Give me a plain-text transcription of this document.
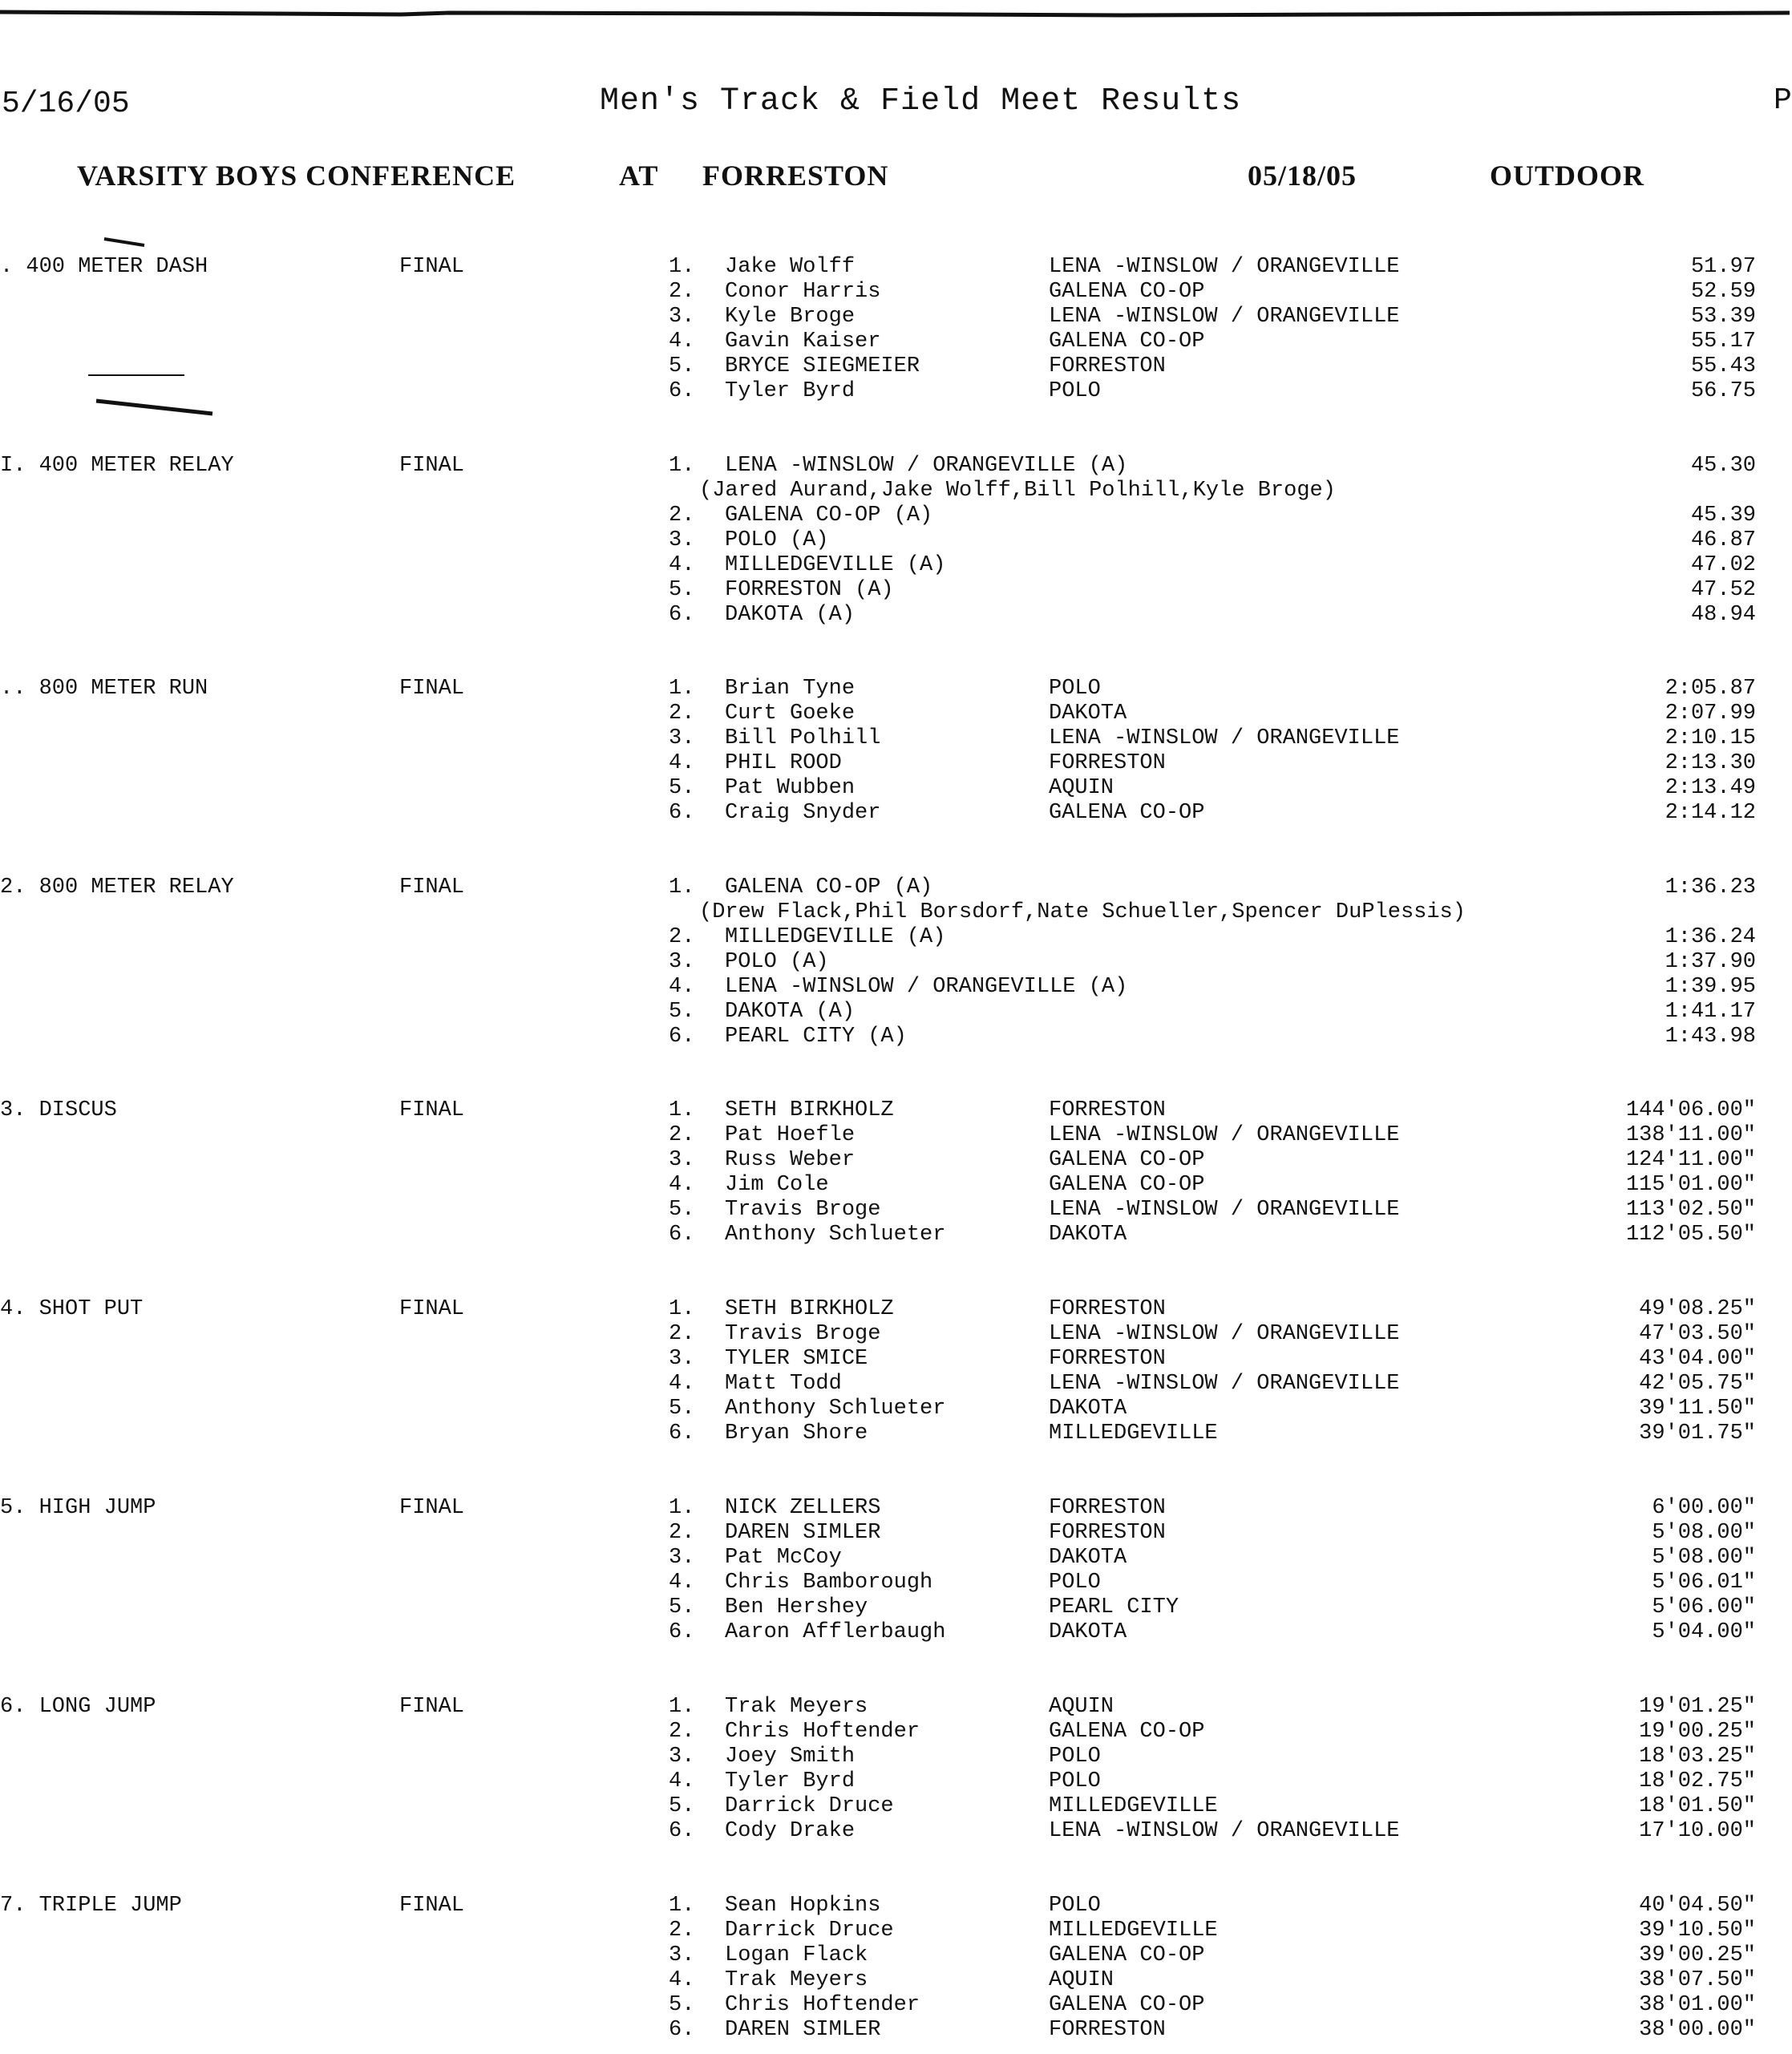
5/16/05	Men's Track & Field Meet Results	P
VARSITY BOYS CONFERENCE	AT FORRESTON	05/18/05	OUTDOOR
. 400 METER DASH	FINAL	1. Jake Wolff	LENA -WINSLOW / ORANGEVILLE	51.97
2. Conor Harris	GALENA CO-OP	52.59
3. Kyle Broge	LENA -WINSLOW / ORANGEVILLE	53.39
4. Gavin Kaiser	GALENA CO-OP	55.17
5. BRYCE SIEGMEIER	FORRESTON	55.43
6. Tyler Byrd	POLO	56.75
I. 400 METER RELAY	FINAL	1. LENA -WINSLOW / ORANGEVILLE (A)	45.30
(Jared Aurand,Jake Wolff,Bill Polhill,Kyle Broge)
2. GALENA CO-OP (A)	45.39
3. POLO (A)	46.87
4. MILLEDGEVILLE (A)	47.02
5. FORRESTON (A)	47.52
6. DAKOTA (A)	48.94
.. 800 METER RUN	FINAL	1. Brian Tyne	POLO	2:05.87
2. Curt Goeke	DAKOTA	2:07.99
3. Bill Polhill	LENA -WINSLOW / ORANGEVILLE	2:10.15
4. PHIL ROOD	FORRESTON	2:13.30
5. Pat Wubben	AQUIN	2:13.49
6. Craig Snyder	GALENA CO-OP	2:14.12
2. 800 METER RELAY	FINAL	1. GALENA CO-OP (A)	1:36.23
(Drew Flack,Phil Borsdorf,Nate Schueller,Spencer DuPlessis)
2. MILLEDGEVILLE (A)	1:36.24
3. POLO (A)	1:37.90
4. LENA -WINSLOW / ORANGEVILLE (A)	1:39.95
5. DAKOTA (A)	1:41.17
6. PEARL CITY (A)	1:43.98
3. DISCUS	FINAL	1. SETH BIRKHOLZ	FORRESTON	144'06.00"
2. Pat Hoefle	LENA -WINSLOW / ORANGEVILLE	138'11.00"
3. Russ Weber	GALENA CO-OP	124'11.00"
4. Jim Cole	GALENA CO-OP	115'01.00"
5. Travis Broge	LENA -WINSLOW / ORANGEVILLE	113'02.50"
6. Anthony Schlueter	DAKOTA	112'05.50"
4. SHOT PUT	FINAL	1. SETH BIRKHOLZ	FORRESTON	49'08.25"
2. Travis Broge	LENA -WINSLOW / ORANGEVILLE	47'03.50"
3. TYLER SMICE	FORRESTON	43'04.00"
4. Matt Todd	LENA -WINSLOW / ORANGEVILLE	42'05.75"
5. Anthony Schlueter	DAKOTA	39'11.50"
6. Bryan Shore	MILLEDGEVILLE	39'01.75"
5. HIGH JUMP	FINAL	1. NICK ZELLERS	FORRESTON	6'00.00"
2. DAREN SIMLER	FORRESTON	5'08.00"
3. Pat McCoy	DAKOTA	5'08.00"
4. Chris Bamborough	POLO	5'06.01"
5. Ben Hershey	PEARL CITY	5'06.00"
6. Aaron Afflerbaugh	DAKOTA	5'04.00"
6. LONG JUMP	FINAL	1. Trak Meyers	AQUIN	19'01.25"
2. Chris Hoftender	GALENA CO-OP	19'00.25"
3. Joey Smith	POLO	18'03.25"
4. Tyler Byrd	POLO	18'02.75"
5. Darrick Druce	MILLEDGEVILLE	18'01.50"
6. Cody Drake	LENA -WINSLOW / ORANGEVILLE	17'10.00"
7. TRIPLE JUMP	FINAL	1. Sean Hopkins	POLO	40'04.50"
2. Darrick Druce	MILLEDGEVILLE	39'10.50"
3. Logan Flack	GALENA CO-OP	39'00.25"
4. Trak Meyers	AQUIN	38'07.50"
5. Chris Hoftender	GALENA CO-OP	38'01.00"
6. DAREN SIMLER	FORRESTON	38'00.00"
